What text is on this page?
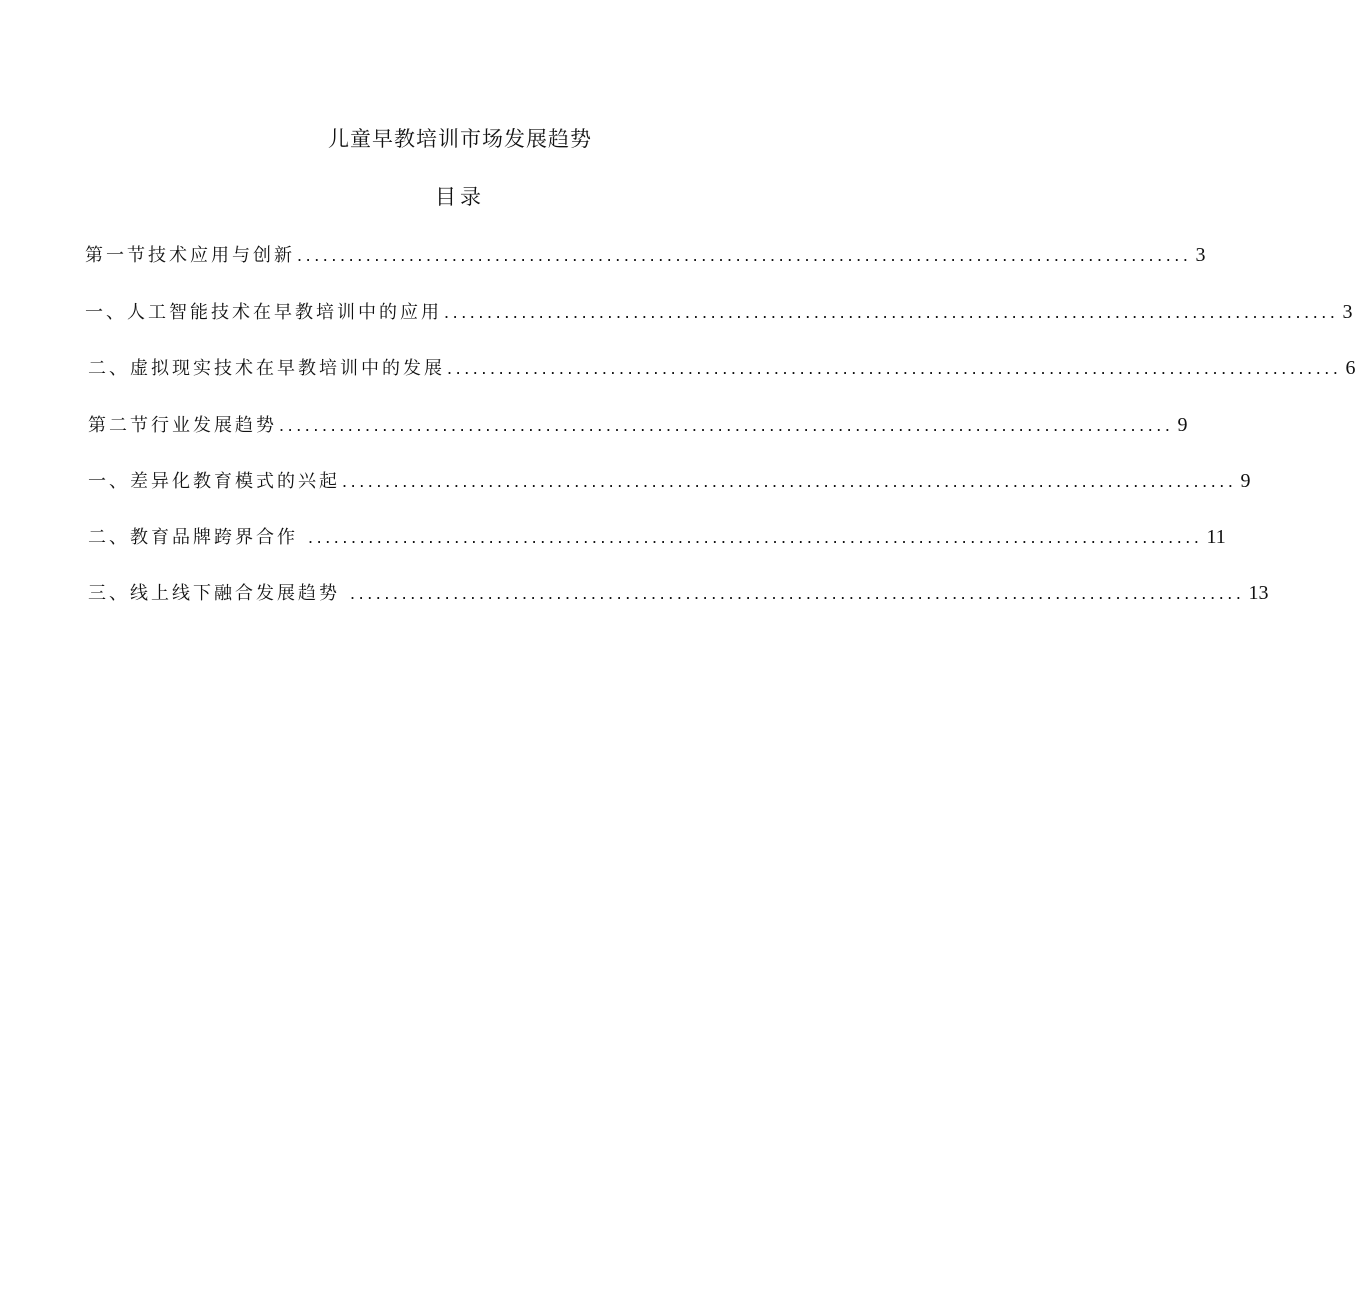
儿童早教培训市场发展趋势
目录
第一节技术应用与创新 ........................................................................................................ 3
一、人工智能技术在早教培训中的应用 ........................................................................................................ 3
二、虚拟现实技术在早教培训中的发展 ........................................................................................................ 6
第二节行业发展趋势 ........................................................................................................ 9
一、差异化教育模式的兴起 ........................................................................................................ 9
二、教育品牌跨界合作 ........................................................................................................ 11
三、线上线下融合发展趋势 ........................................................................................................ 13
